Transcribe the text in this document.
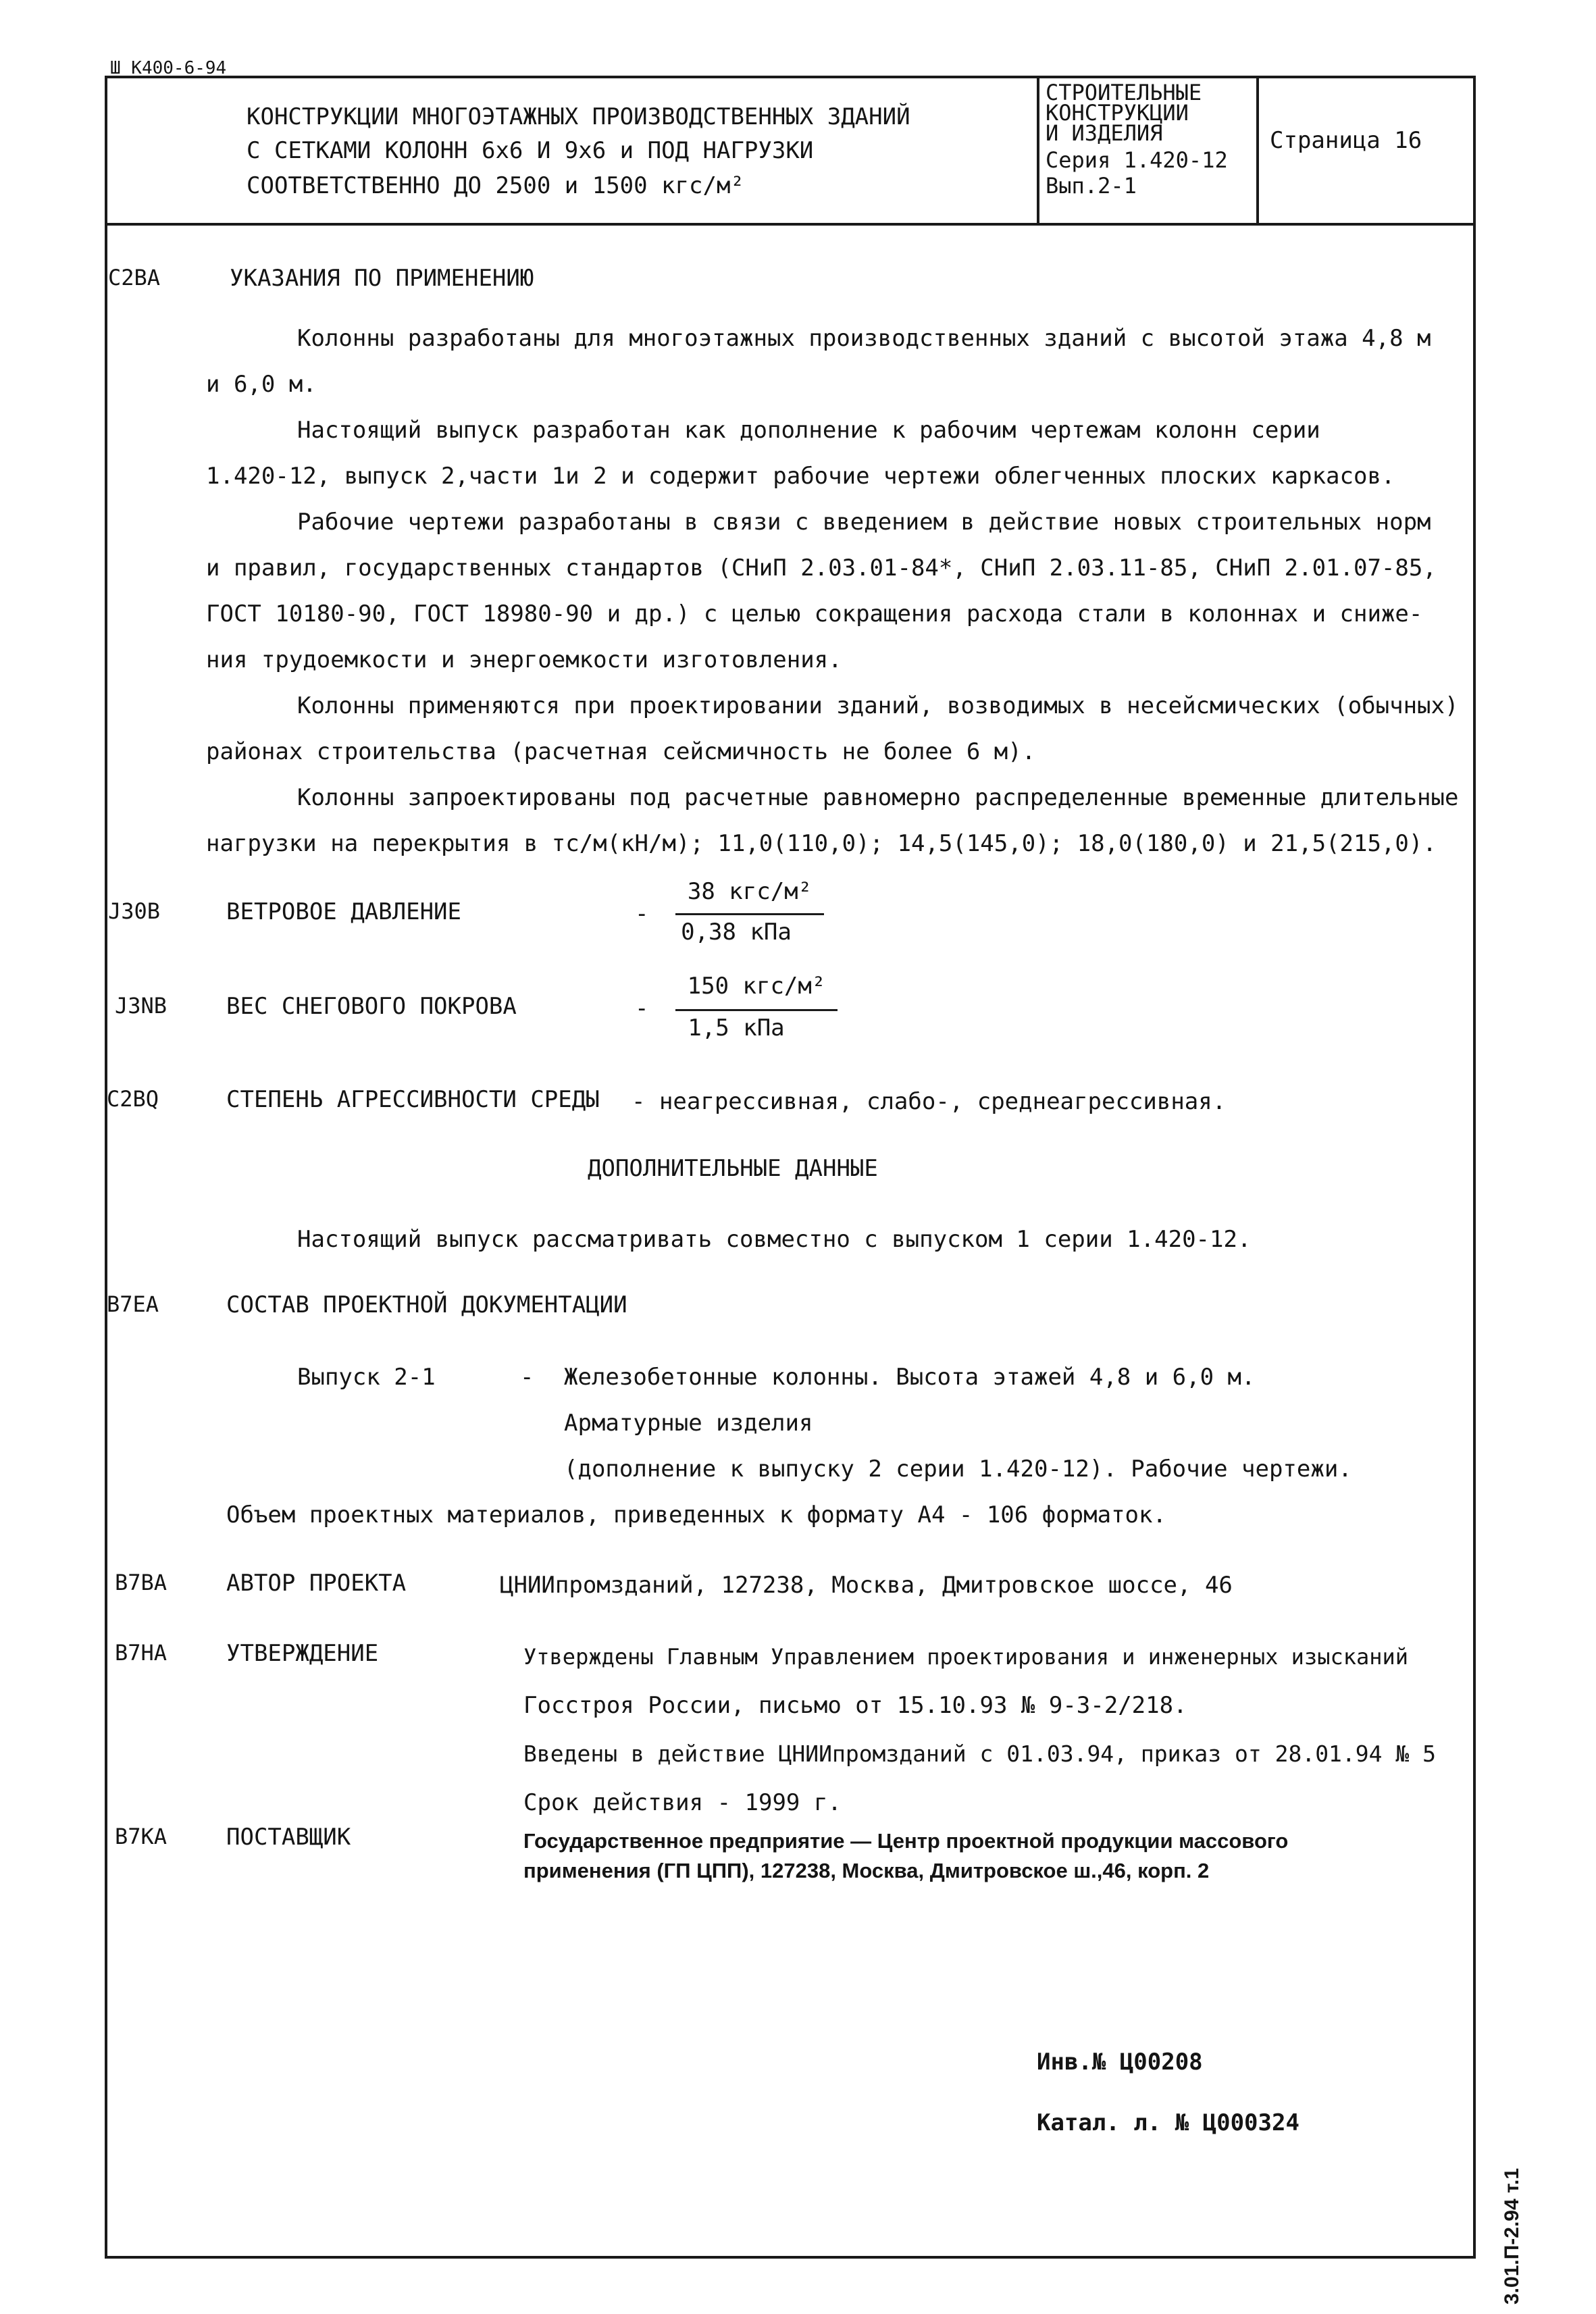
Ш К400-6-94
КОНСТРУКЦИИ МНОГОЭТАЖНЫХ ПРОИЗВОДСТВЕННЫХ ЗДАНИЙ
С СЕТКАМИ КОЛОНН 6х6 И 9х6 и ПОД НАГРУЗКИ
СООТВЕТСТВЕННО ДО 2500 и 1500 кгс/м²
СТРОИТЕЛЬНЫЕ
КОНСТРУКЦИИ
И ИЗДЕЛИЯ
Серия 1.420-12
Вып.2-1
Страница 16
С2ВА	УКАЗАНИЯ ПО ПРИМЕНЕНИЮ
Колонны разработаны для многоэтажных производственных зданий с высотой этажа 4,8 м
и 6,0 м.
Настоящий выпуск разработан как дополнение к рабочим чертежам колонн серии
1.420-12, выпуск 2,части 1и 2 и содержит рабочие чертежи облегченных плоских каркасов.
Рабочие чертежи разработаны в связи с введением в действие новых строительных норм
и правил, государственных стандартов (СНиП 2.03.01-84*, СНиП 2.03.11-85, СНиП 2.01.07-85,
ГОСТ 10180-90, ГОСТ 18980-90 и др.) с целью сокращения расхода стали в колоннах и сниже-
ния трудоемкости и энергоемкости изготовления.
Колонны применяются при проектировании зданий, возводимых в несейсмических (обычных)
районах строительства (расчетная сейсмичность не более 6 м).
Колонны запроектированы под расчетные равномерно распределенные временные длительные
нагрузки на перекрытия в тс/м(кН/м); 11,0(110,0); 14,5(145,0); 18,0(180,0) и 21,5(215,0).
J30В	ВЕТРОВОЕ ДАВЛЕНИЕ	-
38 кгс/м²
0,38 кПа
J3NВ	ВЕС СНЕГОВОГО ПОКРОВА	-
150 кгс/м²
1,5 кПа
С2ВQ	СТЕПЕНЬ АГРЕССИВНОСТИ СРЕДЫ - неагрессивная, слабо-, среднеагрессивная.
ДОПОЛНИТЕЛЬНЫЕ ДАННЫЕ
Настоящий выпуск рассматривать совместно с выпуском 1 серии 1.420-12.
В7ЕА	СОСТАВ ПРОЕКТНОЙ ДОКУМЕНТАЦИИ
Выпуск 2-1	- Железобетонные колонны. Высота этажей 4,8 и 6,0 м.
Арматурные изделия
(дополнение к выпуску 2 серии 1.420-12). Рабочие чертежи.
Объем проектных материалов, приведенных к формату А4 - 106 форматок.
В7ВА	АВТОР ПРОЕКТА	ЦНИИпромзданий, 127238, Москва, Дмитровское шоссе, 46
В7НА	УТВЕРЖДЕНИЕ	Утверждены Главным Управлением проектирования и инженерных изысканий
Госстроя России, письмо от 15.10.93 № 9-3-2/218.
Введены в действие ЦНИИпромзданий с 01.03.94, приказ от 28.01.94 № 5
Срок действия - 1999 г.
В7КА	ПОСТАВЩИК	Государственное предприятие — Центр проектной продукции массового
применения (ГП ЦПП), 127238, Москва, Дмитровское ш.,46, корп. 2
Инв.№ Ц00208
Катал. л. № Ц000324
3.01.П-2.94 т.1
